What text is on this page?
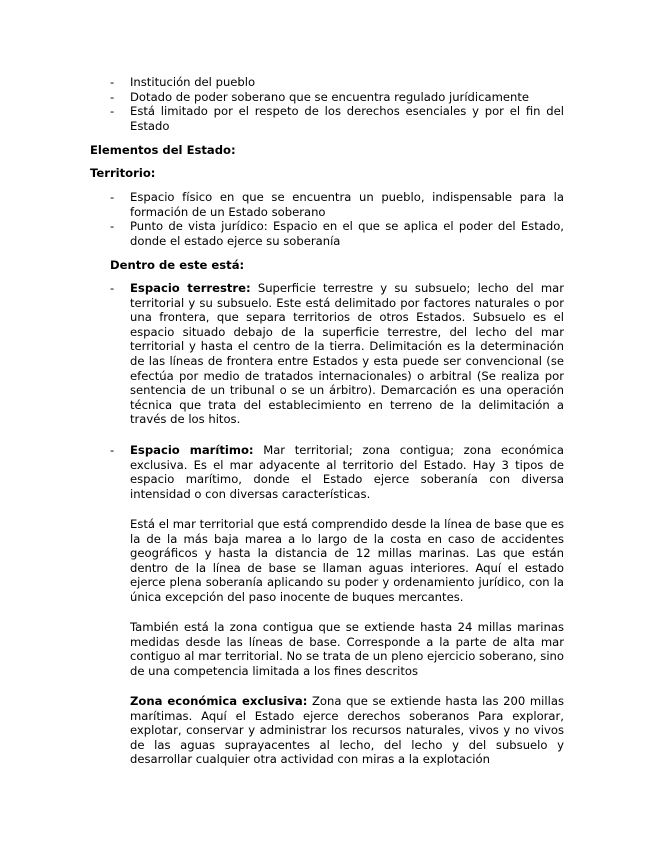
- Institución del pueblo
- Dotado de poder soberano que se encuentra regulado jurídicamente
- Está limitado por el respeto de los derechos esenciales y por el fin del Estado
Elementos del Estado:
Territorio:
- Espacio físico en que se encuentra un pueblo, indispensable para la formación de un Estado soberano
- Punto de vista jurídico: Espacio en el que se aplica el poder del Estado, donde el estado ejerce su soberanía
Dentro de este está:
- Espacio terrestre: Superficie terrestre y su subsuelo; lecho del mar territorial y su subsuelo. Este está delimitado por factores naturales o por una frontera, que separa territorios de otros Estados. Subsuelo es el espacio situado debajo de la superficie terrestre, del lecho del mar territorial y hasta el centro de la tierra. Delimitación es la determinación de las líneas de frontera entre Estados y esta puede ser convencional (se efectúa por medio de tratados internacionales) o arbitral (Se realiza por sentencia de un tribunal o se un árbitro). Demarcación es una operación técnica que trata del establecimiento en terreno de la delimitación a través de los hitos.
- Espacio marítimo: Mar territorial; zona contigua; zona económica exclusiva. Es el mar adyacente al territorio del Estado. Hay 3 tipos de espacio marítimo, donde el Estado ejerce soberanía con diversa intensidad o con diversas características.

Está el mar territorial que está comprendido desde la línea de base que es la de la más baja marea a lo largo de la costa en caso de accidentes geográficos y hasta la distancia de 12 millas marinas. Las que están dentro de la línea de base se llaman aguas interiores. Aquí el estado ejerce plena soberanía aplicando su poder y ordenamiento jurídico, con la única excepción del paso inocente de buques mercantes.

También está la zona contigua que se extiende hasta 24 millas marinas medidas desde las líneas de base. Corresponde a la parte de alta mar contiguo al mar territorial. No se trata de un pleno ejercicio soberano, sino de una competencia limitada a los fines descritos

Zona económica exclusiva: Zona que se extiende hasta las 200 millas marítimas. Aquí el Estado ejerce derechos soberanos Para explorar, explotar, conservar y administrar los recursos naturales, vivos y no vivos de las aguas suprayacentes al lecho, del lecho y del subsuelo y desarrollar cualquier otra actividad con miras a la explotación
